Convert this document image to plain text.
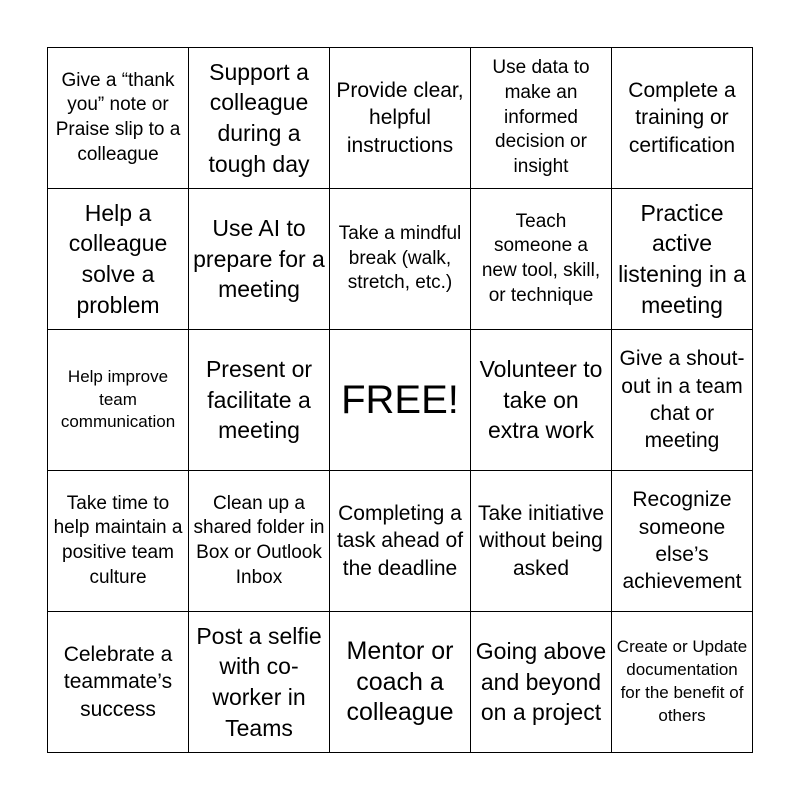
Give a “thank you” note or Praise slip to a colleague
Support a colleague during a tough day
Provide clear, helpful instructions
Use data to make an informed decision or insight
Complete a training or certification
Help a colleague solve a problem
Use AI to prepare for a meeting
Take a mindful break (walk, stretch, etc.)
Teach someone a new tool, skill, or technique
Practice active listening in a meeting
Help improve team communication
Present or facilitate a meeting
FREE!
Volunteer to take on extra work
Give a shout-out in a team chat or meeting
Take time to help maintain a positive team culture
Clean up a shared folder in Box or Outlook Inbox
Completing a task ahead of the deadline
Take initiative without being asked
Recognize someone else’s achievement
Celebrate a teammate’s success
Post a selfie with co-worker in Teams
Mentor or coach a colleague
Going above and beyond on a project
Create or Update documentation for the benefit of others
